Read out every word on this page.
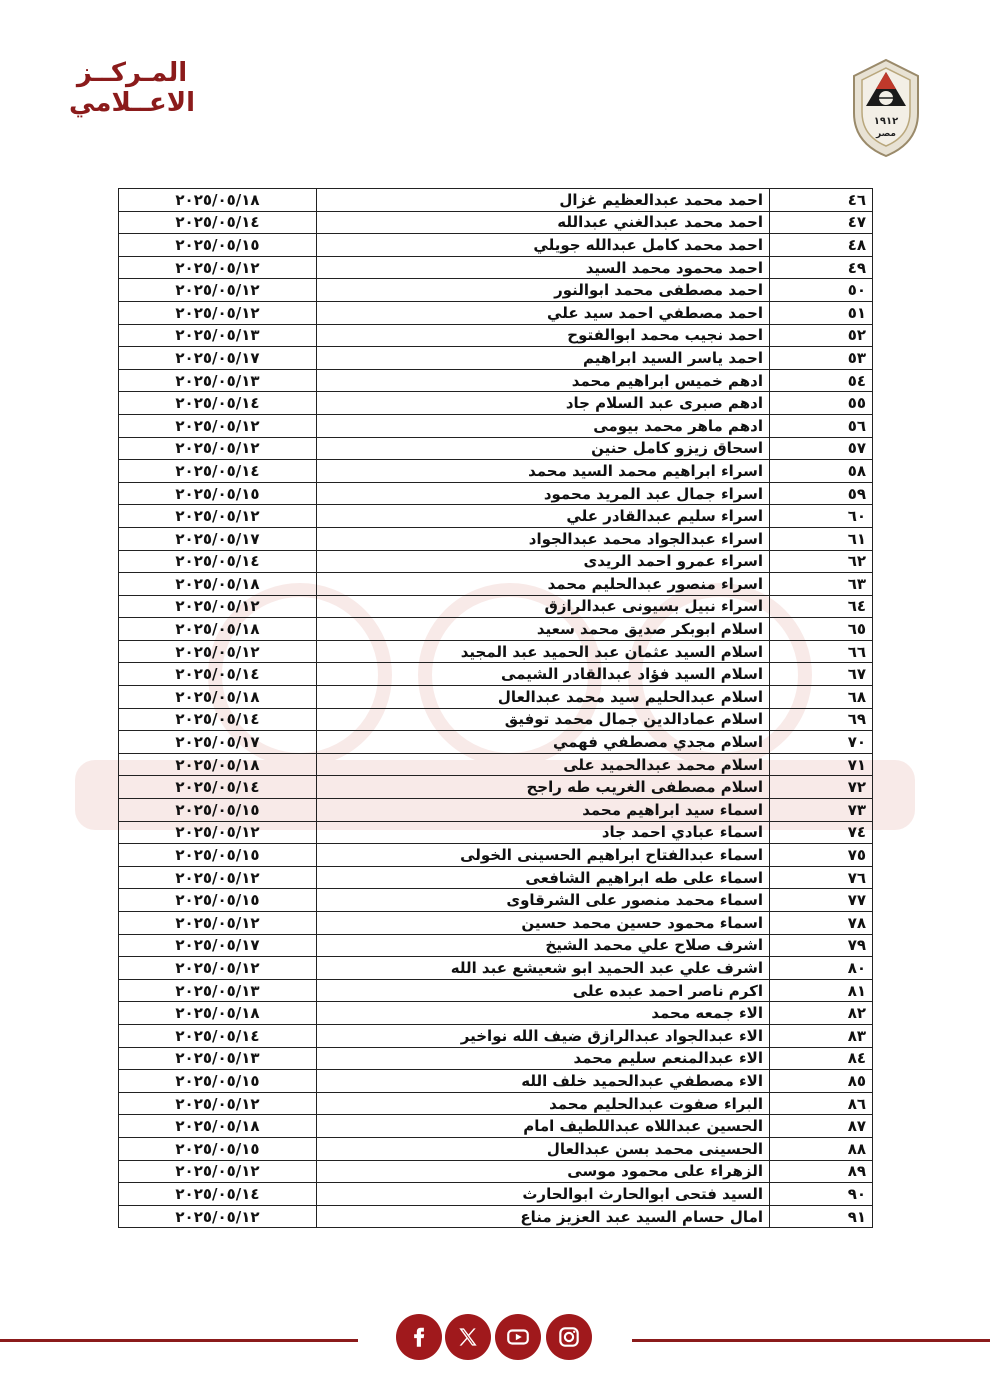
المـركــز
الاعــلامي
١٩١٢
مصر
٤٦	احمد محمد عبدالعظيم غزال	٢٠٢٥/٠٥/١٨
٤٧	احمد محمد عبدالغني عبدالله	٢٠٢٥/٠٥/١٤
٤٨	احمد محمد كامل عبدالله جويلي	٢٠٢٥/٠٥/١٥
٤٩	احمد محمود محمد السيد	٢٠٢٥/٠٥/١٢
٥٠	احمد مصطفى محمد ابوالنور	٢٠٢٥/٠٥/١٢
٥١	احمد مصطفي احمد سيد علي	٢٠٢٥/٠٥/١٢
٥٢	احمد نجيب محمد ابوالفتوح	٢٠٢٥/٠٥/١٣
٥٣	احمد ياسر السيد ابراهيم	٢٠٢٥/٠٥/١٧
٥٤	ادهم خميس ابراهيم محمد	٢٠٢٥/٠٥/١٣
٥٥	ادهم صبرى عبد السلام جاد	٢٠٢٥/٠٥/١٤
٥٦	ادهم ماهر محمد بيومى	٢٠٢٥/٠٥/١٢
٥٧	اسحاق زيزو كامل حنين	٢٠٢٥/٠٥/١٢
٥٨	اسراء ابراهيم محمد السيد محمد	٢٠٢٥/٠٥/١٤
٥٩	اسراء جمال عبد المريد محمود	٢٠٢٥/٠٥/١٥
٦٠	اسراء سليم عبدالقادر علي	٢٠٢٥/٠٥/١٢
٦١	اسراء عبدالجواد محمد عبدالجواد	٢٠٢٥/٠٥/١٧
٦٢	اسراء عمرو احمد الريدى	٢٠٢٥/٠٥/١٤
٦٣	اسراء منصور عبدالحليم محمد	٢٠٢٥/٠٥/١٨
٦٤	اسراء نبيل بسيونى عبدالرازق	٢٠٢٥/٠٥/١٢
٦٥	اسلام ابوبكر صديق محمد سعيد	٢٠٢٥/٠٥/١٨
٦٦	اسلام السيد عثمان عبد الحميد عبد المجيد	٢٠٢٥/٠٥/١٢
٦٧	اسلام السيد فؤاد عبدالقادر الشيمى	٢٠٢٥/٠٥/١٤
٦٨	اسلام عبدالحليم سيد محمد عبدالعال	٢٠٢٥/٠٥/١٨
٦٩	اسلام عمادالدين جمال محمد توفيق	٢٠٢٥/٠٥/١٤
٧٠	اسلام مجدي مصطفي فهمي	٢٠٢٥/٠٥/١٧
٧١	اسلام محمد عبدالحميد على	٢٠٢٥/٠٥/١٨
٧٢	اسلام مصطفى الغريب طه راجح	٢٠٢٥/٠٥/١٤
٧٣	اسماء سيد ابراهيم محمد	٢٠٢٥/٠٥/١٥
٧٤	اسماء عبادي احمد جاد	٢٠٢٥/٠٥/١٢
٧٥	اسماء عبدالفتاح ابراهيم الحسينى الخولى	٢٠٢٥/٠٥/١٥
٧٦	اسماء على طه ابراهيم الشافعى	٢٠٢٥/٠٥/١٢
٧٧	اسماء محمد منصور على الشرقاوى	٢٠٢٥/٠٥/١٥
٧٨	اسماء محمود حسين محمد حسين	٢٠٢٥/٠٥/١٢
٧٩	اشرف صلاح علي محمد الشيخ	٢٠٢٥/٠٥/١٧
٨٠	اشرف علي عبد الحميد ابو شعيشع عبد الله	٢٠٢٥/٠٥/١٢
٨١	اكرم ناصر احمد عبده على	٢٠٢٥/٠٥/١٣
٨٢	الاء جمعه محمد	٢٠٢٥/٠٥/١٨
٨٣	الاء عبدالجواد عبدالرازق ضيف الله نواخير	٢٠٢٥/٠٥/١٤
٨٤	الاء عبدالمنعم سليم محمد	٢٠٢٥/٠٥/١٣
٨٥	الاء مصطفي عبدالحميد خلف الله	٢٠٢٥/٠٥/١٥
٨٦	البراء صفوت عبدالحليم محمد	٢٠٢٥/٠٥/١٢
٨٧	الحسين عبداللاه عبداللطيف امام	٢٠٢٥/٠٥/١٨
٨٨	الحسينى محمد بسن عبدالعال	٢٠٢٥/٠٥/١٥
٨٩	الزهراء على محمود موسى	٢٠٢٥/٠٥/١٢
٩٠	السيد فتحى ابوالحارث ابوالحارث	٢٠٢٥/٠٥/١٤
٩١	امال حسام السيد عبد العزيز مناع	٢٠٢٥/٠٥/١٢
